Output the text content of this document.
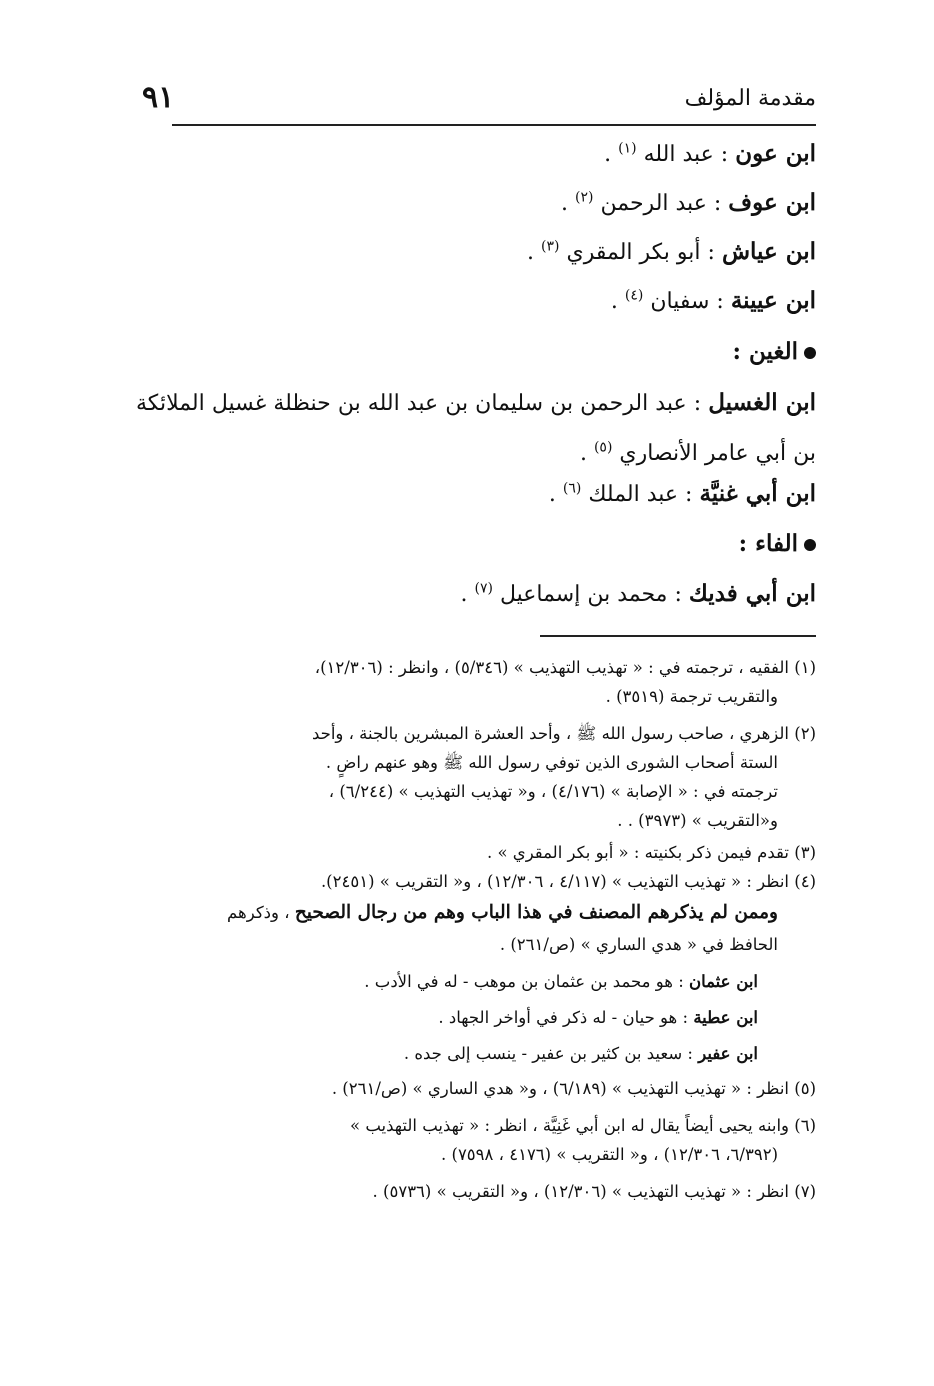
مقدمة المؤلف
٩١
ابن عون : عبد الله $^{(١)}$ .
ابن عوف : عبد الرحمن $^{(٢)}$ .
ابن عياش : أبو بكر المقري $^{(٣)}$ .
ابن عيينة : سفيان $^{(٤)}$ .
الغين :
ابن الغسيل : عبد الرحمن بن سليمان بن عبد الله بن حنظلة غسيل الملائكة بن أبي عامر الأنصاري $^{(٥)}$ .
ابن أبي غنيَّة : عبد الملك $^{(٦)}$ .
الفاء :
ابن أبي فديك : محمد بن إسماعيل $^{(٧)}$ .
(١) الفقيه ، ترجمته في : « تهذيب التهذيب » (٥/٣٤٦) ، وانظر : (١٢/٣٠٦)،
والتقريب ترجمة (٣٥١٩) .
(٢) الزهري ، صاحب رسول الله ﷺ ، وأحد العشرة المبشرين بالجنة ، وأحد
الستة أصحاب الشورى الذين توفي رسول الله ﷺ وهو عنهم راضٍ .
ترجمته في : « الإصابة » (٤/١٧٦) ، و« تهذيب التهذيب » (٦/٢٤٤) ،
و«التقريب » (٣٩٧٣) . .
(٣) تقدم فيمن ذكر بكنيته : « أبو بكر المقري » .
(٤) انظر : « تهذيب التهذيب » (٤/١١٧ ، ١٢/٣٠٦) ، و« التقريب » (٢٤٥١).
وممن لم يذكرهم المصنف في هذا الباب وهم من رجال الصحيح ، وذكرهم
الحافظ في « هدي الساري » (ص/٢٦١) .
ابن عثمان : هو محمد بن عثمان بن موهب - له في الأدب .
ابن عطية : هو حيان - له ذكر في أواخر الجهاد .
ابن عفير : سعيد بن كثير بن عفير - ينسب إلى جده .
(٥) انظر : « تهذيب التهذيب » (٦/١٨٩) ، و« هدي الساري » (ص/٢٦١) .
(٦) وابنه يحيى أيضاً يقال له ابن أبي غَنِيَّة ، انظر : « تهذيب التهذيب »
(٦/٣٩٢، ١٢/٣٠٦) ، و« التقريب » (٤١٧٦ ، ٧٥٩٨) .
(٧) انظر : « تهذيب التهذيب » (١٢/٣٠٦) ، و« التقريب » (٥٧٣٦) .
